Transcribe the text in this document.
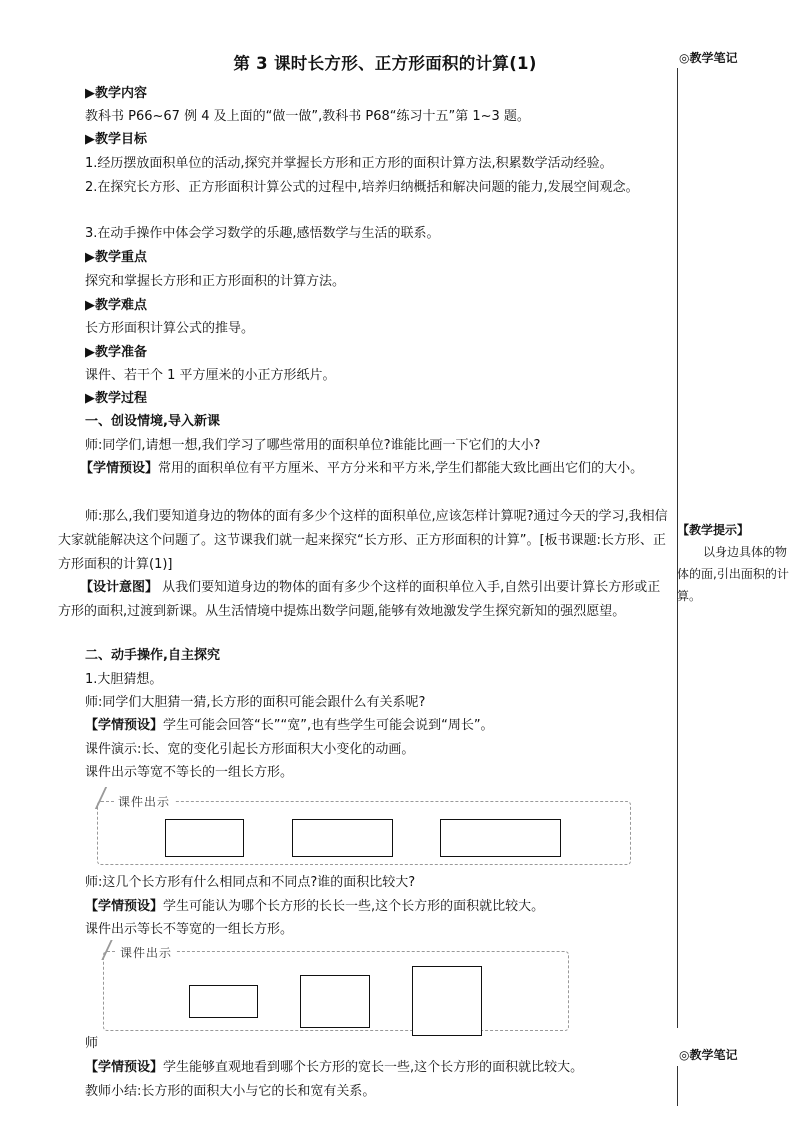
第 3 课时长方形、正方形面积的计算(1)	◎教学笔记
◎教学笔记
【教学提示】
以身边具体的物体的面,引出面积的计算。

▶教学内容

教科书 P66~67 例 4 及上面的“做一做”,教科书 P68“练习十五”第 1~3 题。

▶教学目标

1.经历摆放面积单位的活动,探究并掌握长方形和正方形的面积计算方法,积累数学活动经验。

2.在探究长方形、正方形面积计算公式的过程中,培养归纳概括和解决问题的能力,发展空间观念。

3.在动手操作中体会学习数学的乐趣,感悟数学与生活的联系。

▶教学重点

探究和掌握长方形和正方形面积的计算方法。

▶教学难点

长方形面积计算公式的推导。

▶教学准备

课件、若干个 1 平方厘米的小正方形纸片。

▶教学过程

一、创设情境,导入新课

师:同学们,请想一想,我们学习了哪些常用的面积单位?谁能比画一下它们的大小?

【学情预设】常用的面积单位有平方厘米、平方分米和平方米,学生们都能大致比画出它们的大小。

师:那么,我们要知道身边的物体的面有多少个这样的面积单位,应该怎样计算呢?通过今天的学习,我相信大家就能解决这个问题了。这节课我们就一起来探究“长方形、正方形面积的计算”。[板书课题:长方形、正方形面积的计算(1)]

【设计意图】 从我们要知道身边的物体的面有多少个这样的面积单位入手,自然引出要计算长方形或正方形的面积,过渡到新课。从生活情境中提炼出数学问题,能够有效地激发学生探究新知的强烈愿望。

二、动手操作,自主探究

1.大胆猜想。

师:同学们大胆猜一猜,长方形的面积可能会跟什么有关系呢?

【学情预设】学生可能会回答“长”“宽”,也有些学生可能会说到“周长”。

课件演示:长、宽的变化引起长方形面积大小变化的动画。

课件出示等宽不等长的一组长方形。

师:这几个长方形有什么相同点和不同点?谁的面积比较大?

【学情预设】学生可能认为哪个长方形的长长一些,这个长方形的面积就比较大。

课件出示等长不等宽的一组长方形。

师

【学情预设】学生能够直观地看到哪个长方形的宽长一些,这个长方形的面积就比较大。

教师小结:长方形的面积大小与它的长和宽有关系。

课件出示
课件出示
